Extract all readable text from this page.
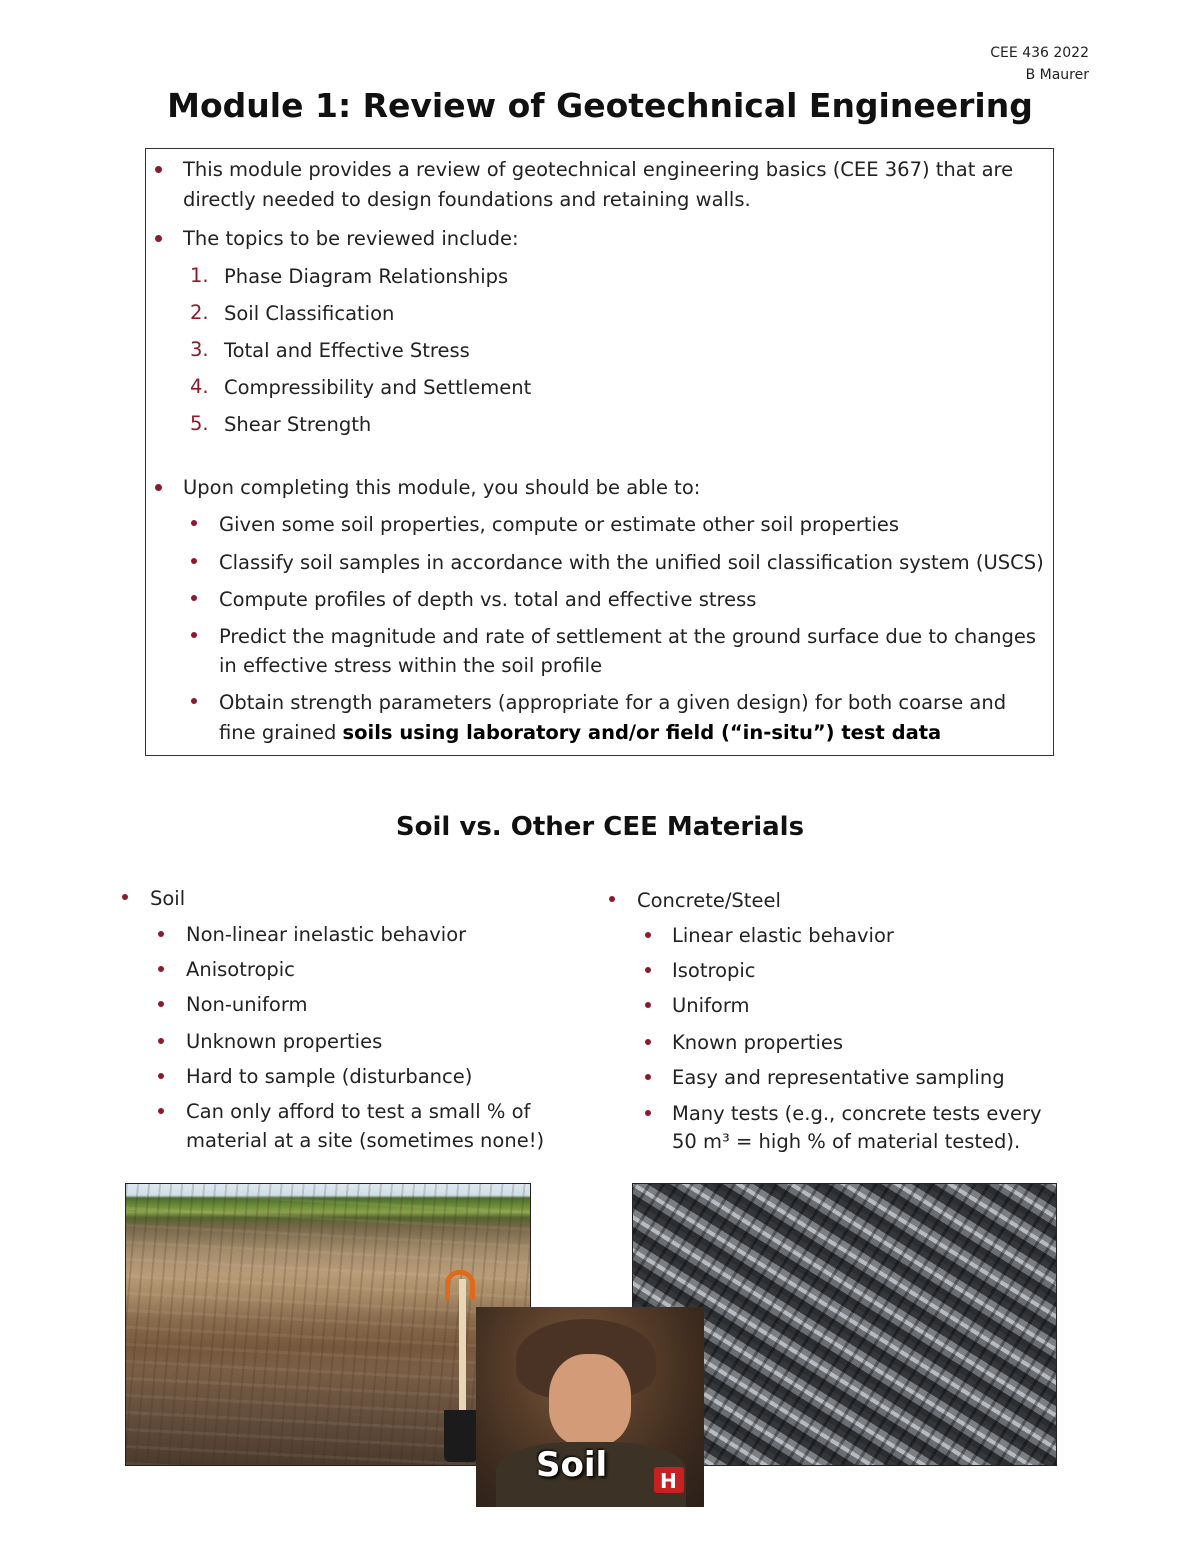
CEE 436 2022
B Maurer
Module 1: Review of Geotechnical Engineering
This module provides a review of geotechnical engineering basics (CEE 367) that are
directly needed to design foundations and retaining walls.
The topics to be reviewed include:
1. Phase Diagram Relationships
2. Soil Classification
3. Total and Effective Stress
4. Compressibility and Settlement
5. Shear Strength
Upon completing this module, you should be able to:
Given some soil properties, compute or estimate other soil properties
Classify soil samples in accordance with the unified soil classification system (USCS)
Compute profiles of depth vs. total and effective stress
Predict the magnitude and rate of settlement at the ground surface due to changes
in effective stress within the soil profile
Obtain strength parameters (appropriate for a given design) for both coarse and
fine grained soils using laboratory and/or field (“in-situ”) test data
Soil vs. Other CEE Materials
Soil
Non-linear inelastic behavior
Anisotropic
Non-uniform
Unknown properties
Hard to sample (disturbance)
Can only afford to test a small % of
material at a site (sometimes none!)
Concrete/Steel
Linear elastic behavior
Isotropic
Uniform
Known properties
Easy and representative sampling
Many tests (e.g., concrete tests every
50 m³ = high % of material tested).
Soil	H
